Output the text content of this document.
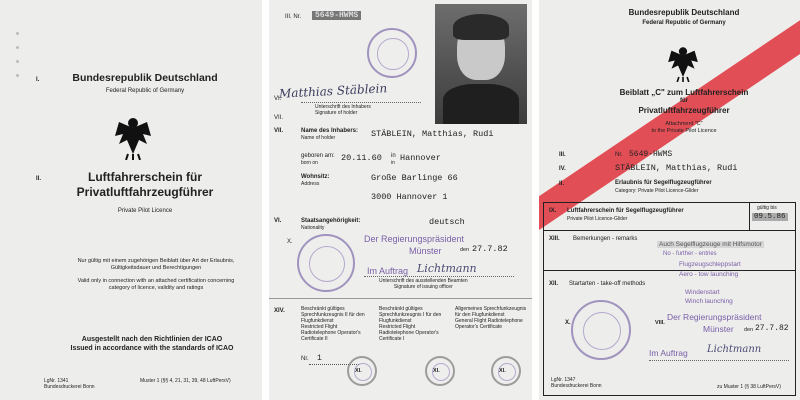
I.	Bundesrepublik Deutschland
Federal Republic of Germany
II.	Luftfahrerschein für
Privatluftfahrzeugführer
Private Pilot Licence
Nur gültig mit einem zugehörigen Beiblatt über Art der Erlaubnis, Gültigkeitsdauer und Berechtigungen
Valid only in connection with an attached certification concerning category of licence, validity and ratings
Ausgestellt nach den Richtlinien der ICAO
Issued in accordance with the standards of ICAO
LgNr. 1341
Bundesdruckerei Bonn
Muster 1 (§§ 4, 21, 31, 39, 48 LuftPersV)
III. Nr.	5649-HWMS
Matthias Stäblein
VI.
Unterschrift des Inhabers
Signature of holder
VII.
VII.	Name des Inhabers:
Name of holder	STÄBLEIN, Matthias, Rudi
geboren am:
born on
20.11.60 in
in
Hannover
Wohnsitz:
Address
Große Barlinge 66
3000 Hannover 1
VI.	Staatsangehörigkeit:
Nationality
deutsch
X.	Der Regierungspräsident
Münster	den 27.7.82
Im Auftrag Lichtmann
Unterschrift des ausstellenden Beamten
Signature of issuing officer
XIV.	Beschränkt gültiges Sprechfunkzeugnis II für den Flugfunkdienst
Restricted Flight Radiotelephone Operator's Certificate II
Beschränkt gültiges Sprechfunkzeugnis I für den Flugfunkdienst
Restricted Flight Radiotelephone Operator's Certificate I
Allgemeines Sprechfunkzeugnis für den Flugfunkdienst
General Flight Radiotelephone Operator's Certificate
Nr. 1
XI.	XI.	XI.
Bundesrepublik Deutschland
Federal Republic of Germany
Beiblatt „C" zum Luftfahrerschein
für
Privatluftfahrzeugführer
Attachment "C"
to the Private Pilot Licence
III.	Nr. 5649-HWMS
IV.	STÄBLEIN, Matthias, Rudi
II.	Erlaubnis für Segelflugzeugführer
Category: Private Pilot Licence-Glider
IX. Luftfahrerschein für Segelflugzeugführer
Private Pilot Licence-Glider
gültig bis
09.5.86
XIII. Bemerkungen - remarks
Auch Segelflugzeuge mit Hilfsmotor
No - further - entries
Flugzeugschleppstart
Aero - tow launching
XII. Startarten - take-off methods
Windenstart
Winch launching
X.	VIII.
Der Regierungspräsident
Münster den 27.7.82
Im Auftrag Lichtmann
LgNr. 1347
Bundesdruckerei Bonn	zu Muster 1 (§ 38 LuftPersV)
